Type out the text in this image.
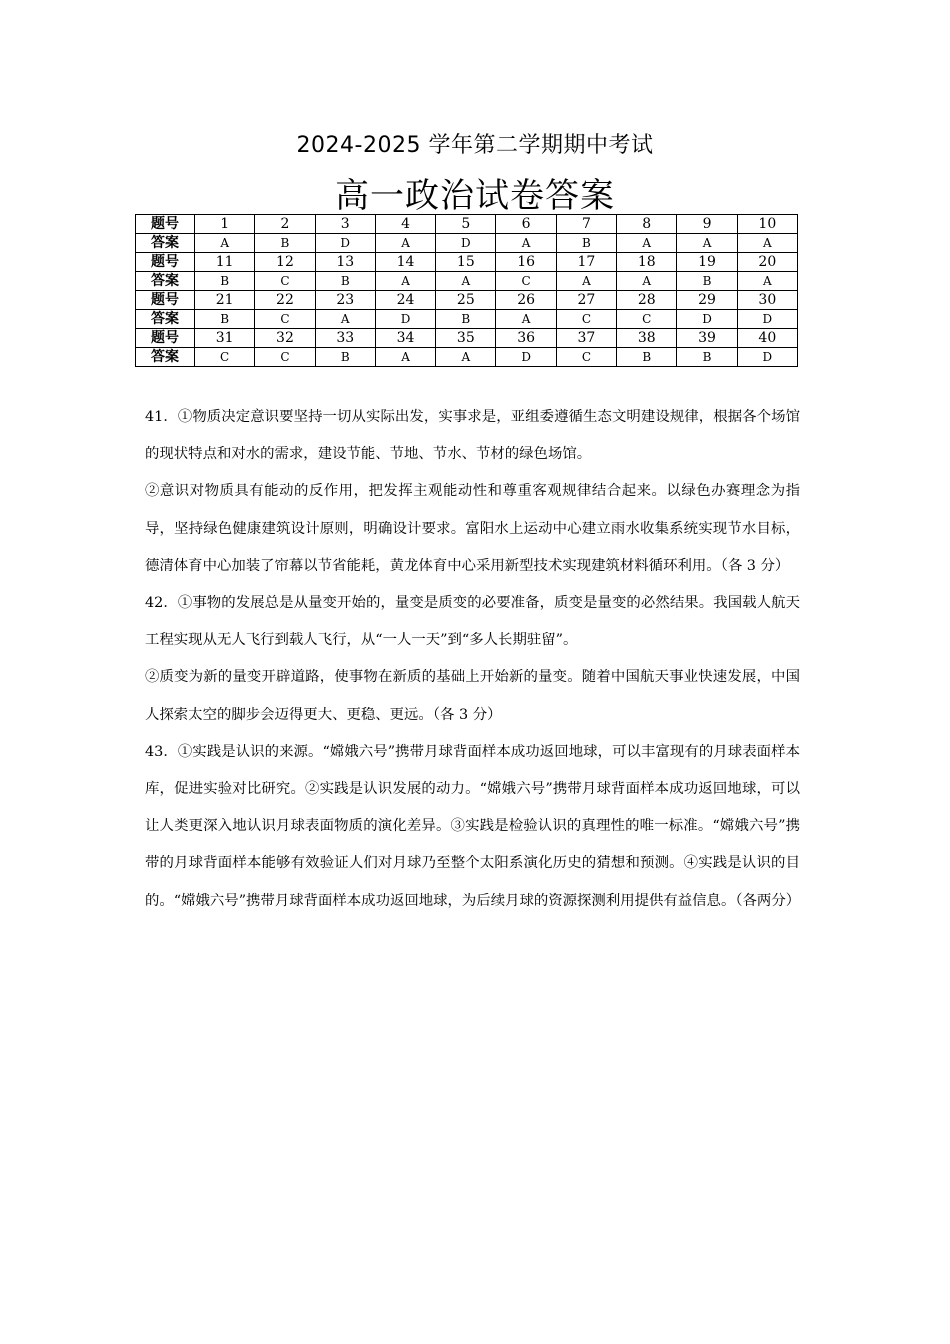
2024-2025 学年第二学期期中考试
高一政治试卷答案
题号	1	2	3	4	5	6	7	8	9	10
答案	A	B	D	A	D	A	B	A	A	A
题号	11	12	13	14	15	16	17	18	19	20
答案	B	C	B	A	A	C	A	A	B	A
题号	21	22	23	24	25	26	27	28	29	30
答案	B	C	A	D	B	A	C	C	D	D
题号	31	32	33	34	35	36	37	38	39	40
答案	C	C	B	A	A	D	C	B	B	D

41．①物质决定意识要坚持一切从实际出发，实事求是，亚组委遵循生态文明建设规律，根据各个场馆的现状特点和对水的需求，建设节能、节地、节水、节材的绿色场馆。

②意识对物质具有能动的反作用，把发挥主观能动性和尊重客观规律结合起来。以绿色办赛理念为指导，坚持绿色健康建筑设计原则，明确设计要求。富阳水上运动中心建立雨水收集系统实现节水目标，德清体育中心加装了帘幕以节省能耗，黄龙体育中心采用新型技术实现建筑材料循环利用。（各 3 分）

42．①事物的发展总是从量变开始的，量变是质变的必要准备，质变是量变的必然结果。我国载人航天工程实现从无人飞行到载人飞行，从“一人一天”到“多人长期驻留”。

②质变为新的量变开辟道路，使事物在新质的基础上开始新的量变。随着中国航天事业快速发展，中国人探索太空的脚步会迈得更大、更稳、更远。（各 3 分）

43．①实践是认识的来源。“嫦娥六号”携带月球背面样本成功返回地球，可以丰富现有的月球表面样本库，促进实验对比研究。②实践是认识发展的动力。“嫦娥六号”携带月球背面样本成功返回地球，可以让人类更深入地认识月球表面物质的演化差异。③实践是检验认识的真理性的唯一标准。“嫦娥六号”携带的月球背面样本能够有效验证人们对月球乃至整个太阳系演化历史的猜想和预测。④实践是认识的目的。“嫦娥六号”携带月球背面样本成功返回地球，为后续月球的资源探测利用提供有益信息。（各两分）
